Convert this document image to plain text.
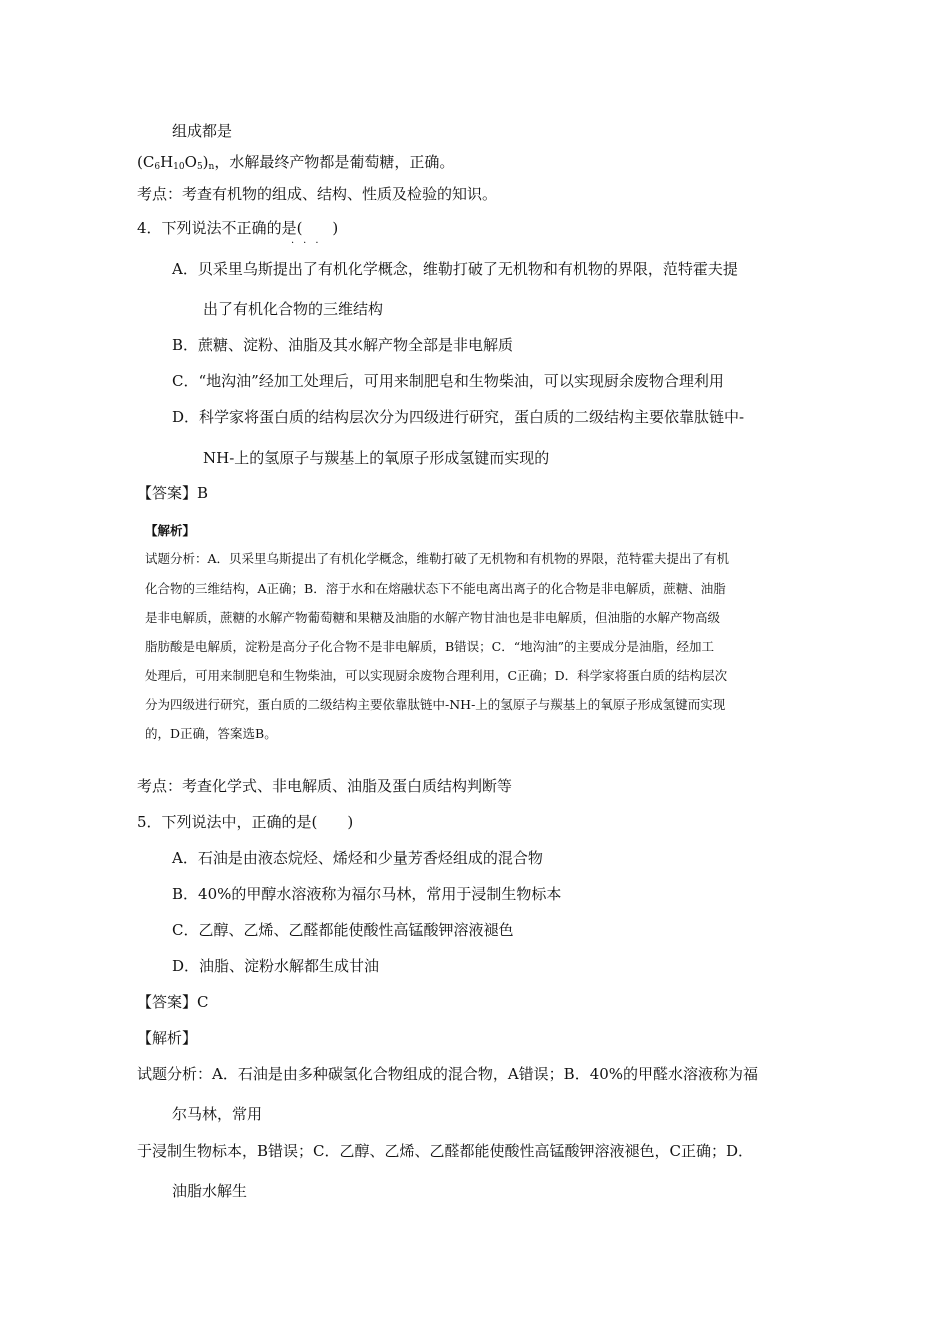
组成都是
$(C_6H_{10}O_5)_n$，水解最终产物都是葡萄糖，正确。
考点：考查有机物的组成、结构、性质及检验的知识。
4．下列说法不正确的是(　　)
···
A．贝采里乌斯提出了有机化学概念，维勒打破了无机物和有机物的界限，范特霍夫提
出了有机化合物的三维结构
B．蔗糖、淀粉、油脂及其水解产物全部是非电解质
C．“地沟油”经加工处理后，可用来制肥皂和生物柴油，可以实现厨余废物合理利用
D．科学家将蛋白质的结构层次分为四级进行研究，蛋白质的二级结构主要依靠肽链中-
NH-上的氢原子与羰基上的氧原子形成氢键而实现的
【答案】B
【解析】
试题分析：A．贝采里乌斯提出了有机化学概念，维勒打破了无机物和有机物的界限，范特霍夫提出了有机
化合物的三维结构，A正确；B．溶于水和在熔融状态下不能电离出离子的化合物是非电解质，蔗糖、油脂
是非电解质，蔗糖的水解产物葡萄糖和果糖及油脂的水解产物甘油也是非电解质，但油脂的水解产物高级
脂肪酸是电解质，淀粉是高分子化合物不是非电解质，B错误；C．“地沟油”的主要成分是油脂，经加工
处理后，可用来制肥皂和生物柴油，可以实现厨余废物合理利用，C正确；D．科学家将蛋白质的结构层次
分为四级进行研究，蛋白质的二级结构主要依靠肽链中-NH-上的氢原子与羰基上的氧原子形成氢键而实现
的，D正确，答案选B。
考点：考查化学式、非电解质、油脂及蛋白质结构判断等
5．下列说法中，正确的是(　　)
A．石油是由液态烷烃、烯烃和少量芳香烃组成的混合物
B．40%的甲醇水溶液称为福尔马林，常用于浸制生物标本
C．乙醇、乙烯、乙醛都能使酸性高锰酸钾溶液褪色
D．油脂、淀粉水解都生成甘油
【答案】C
【解析】
试题分析：A．石油是由多种碳氢化合物组成的混合物，A错误；B．40%的甲醛水溶液称为福
尔马林，常用
于浸制生物标本，B错误；C．乙醇、乙烯、乙醛都能使酸性高锰酸钾溶液褪色，C正确；D．
油脂水解生
